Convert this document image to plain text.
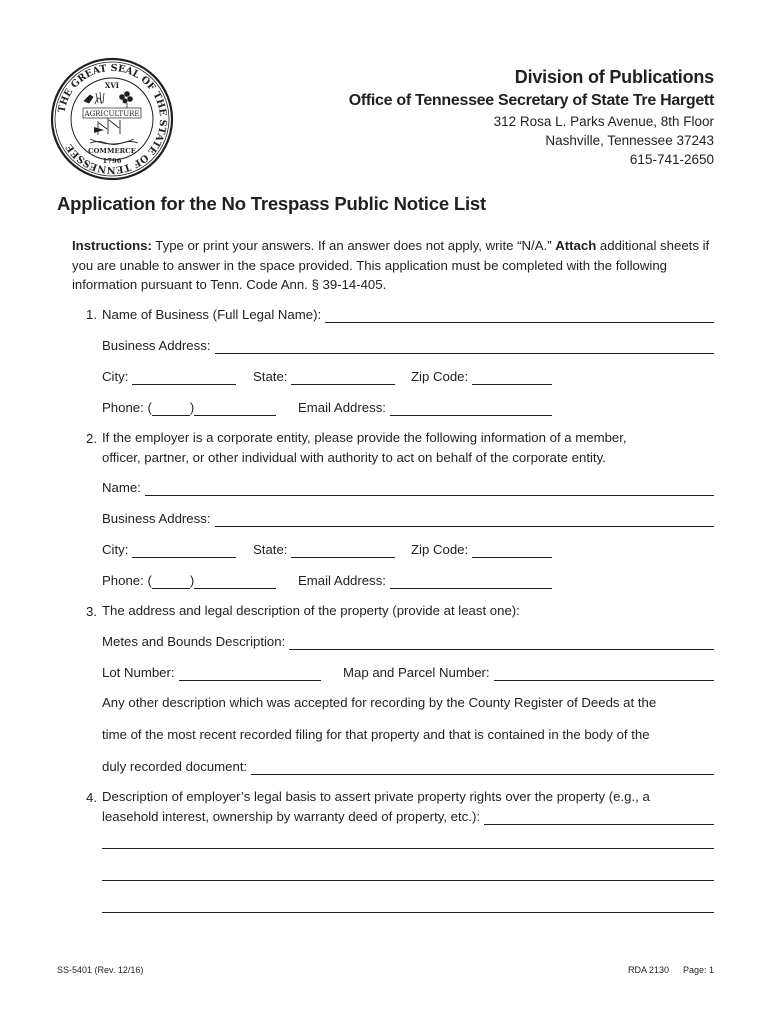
THE GREAT SEAL OF THE STATE OF TENNESSEE
XVI
AGRICULTURE
COMMERCE
1796
Division of Publications
Office of Tennessee Secretary of State Tre Hargett
312 Rosa L. Parks Avenue, 8th Floor
Nashville, Tennessee 37243
615-741-2650
Application for the No Trespass Public Notice List
Instructions: Type or print your answers. If an answer does not apply, write “N/A.” Attach additional sheets if you are unable to answer in the space provided. This application must be completed with the following information pursuant to Tenn. Code Ann. § 39-14-405.
1. Name of Business (Full Legal Name):
Business Address:
City:	State:	Zip Code:
Phone: (	)	Email Address:
2. If the employer is a corporate entity, please provide the following information of a member,
officer, partner, or other individual with authority to act on behalf of the corporate entity.
Name:
Business Address:
City:	State:	Zip Code:
Phone: (	)	Email Address:
3. The address and legal description of the property (provide at least one):
Metes and Bounds Description:
Lot Number:	Map and Parcel Number:
Any other description which was accepted for recording by the County Register of Deeds at the
time of the most recent recorded filing for that property and that is contained in the body of the
duly recorded document:
4. Description of employer’s legal basis to assert private property rights over the property (e.g., a
leasehold interest, ownership by warranty deed of property, etc.):
SS-5401 (Rev. 12/16)	RDA 2130 Page: 1
